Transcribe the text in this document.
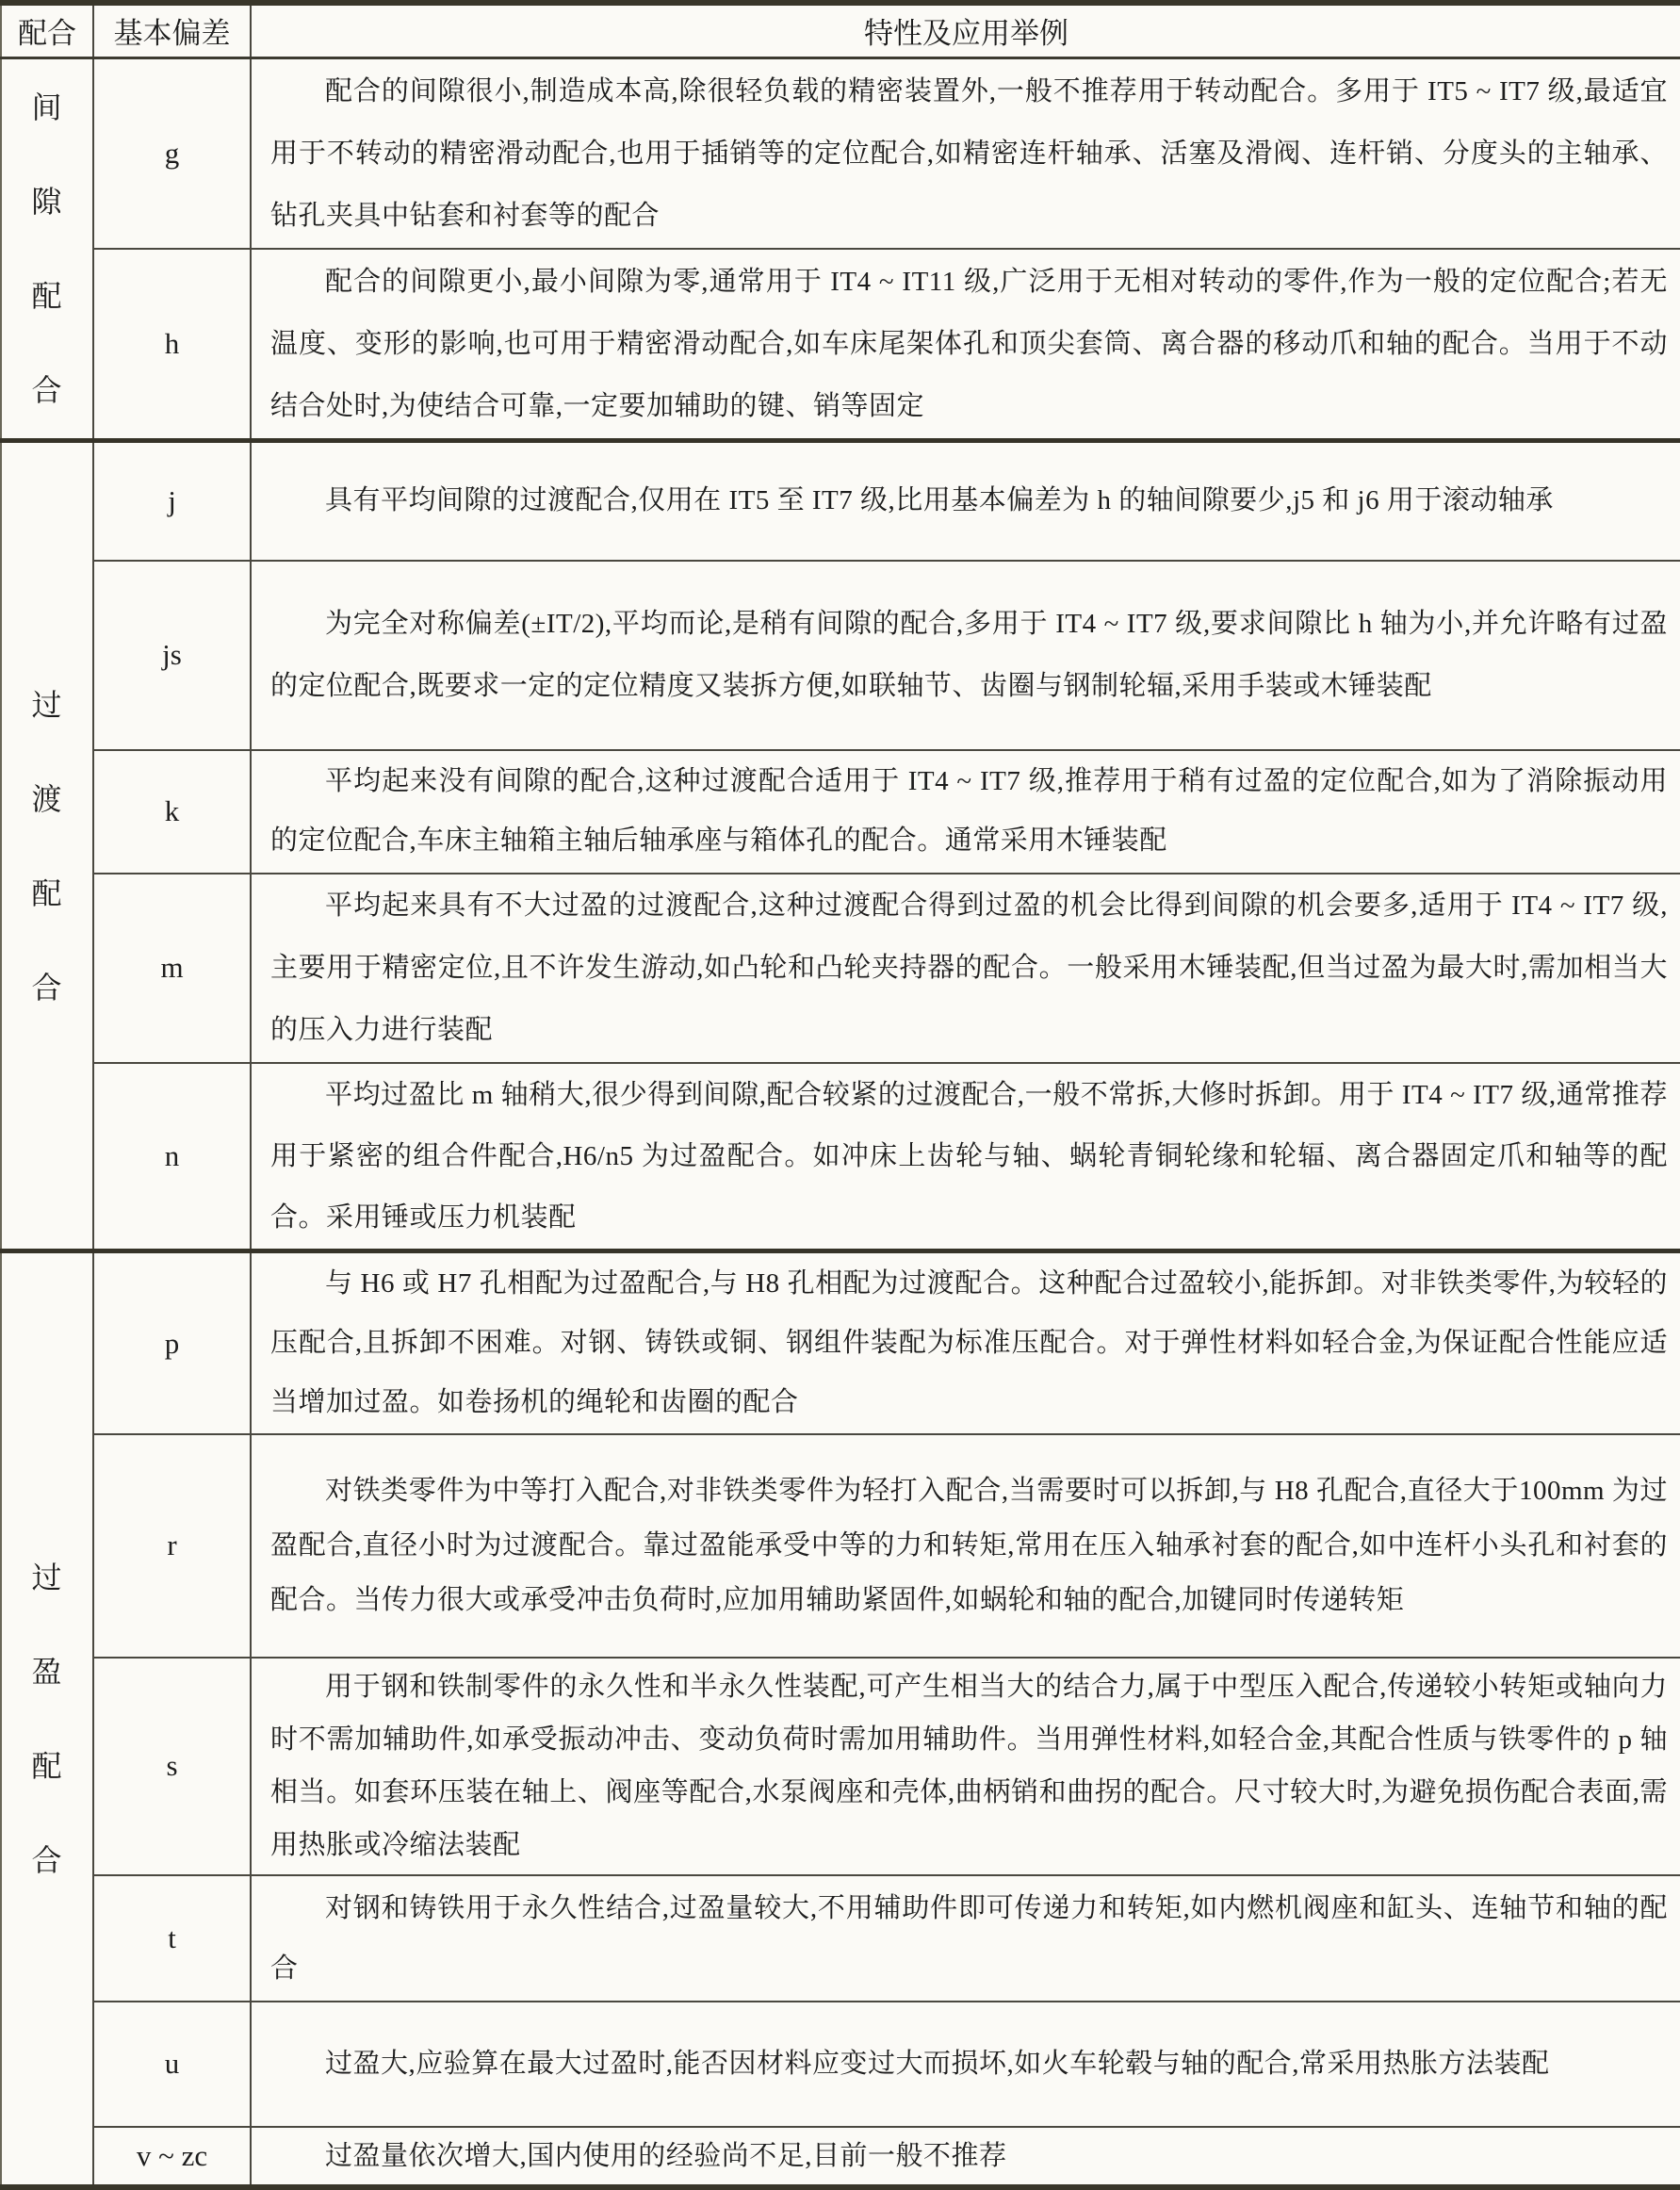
配合	基本偏差	特性及应用举例

间
隙
配
合	g	配合的间隙很小,制造成本高,除很轻负载的精密装置外,一般不推荐用于转动配合。多用于 IT5 ~ IT7 级,最适宜用于不转动的精密滑动配合,也用于插销等的定位配合,如精密连杆轴承、活塞及滑阀、连杆销、分度头的主轴承、钻孔夹具中钻套和衬套等的配合

	h	配合的间隙更小,最小间隙为零,通常用于 IT4 ~ IT11 级,广泛用于无相对转动的零件,作为一般的定位配合;若无温度、变形的影响,也可用于精密滑动配合,如车床尾架体孔和顶尖套筒、离合器的移动爪和轴的配合。当用于不动结合处时,为使结合可靠,一定要加辅助的键、销等固定

过
渡
配
合	j	具有平均间隙的过渡配合,仅用在 IT5 至 IT7 级,比用基本偏差为 h 的轴间隙要少,j5 和 j6 用于滚动轴承

	js	为完全对称偏差(±IT/2),平均而论,是稍有间隙的配合,多用于 IT4 ~ IT7 级,要求间隙比 h 轴为小,并允许略有过盈的定位配合,既要求一定的定位精度又装拆方便,如联轴节、齿圈与钢制轮辐,采用手装或木锤装配

	k	平均起来没有间隙的配合,这种过渡配合适用于 IT4 ~ IT7 级,推荐用于稍有过盈的定位配合,如为了消除振动用的定位配合,车床主轴箱主轴后轴承座与箱体孔的配合。通常采用木锤装配

	m	平均起来具有不大过盈的过渡配合,这种过渡配合得到过盈的机会比得到间隙的机会要多,适用于 IT4 ~ IT7 级,主要用于精密定位,且不许发生游动,如凸轮和凸轮夹持器的配合。一般采用木锤装配,但当过盈为最大时,需加相当大的压入力进行装配

	n	平均过盈比 m 轴稍大,很少得到间隙,配合较紧的过渡配合,一般不常拆,大修时拆卸。用于 IT4 ~ IT7 级,通常推荐用于紧密的组合件配合,H6/n5 为过盈配合。如冲床上齿轮与轴、蜗轮青铜轮缘和轮辐、离合器固定爪和轴等的配合。采用锤或压力机装配

过
盈
配
合	p	与 H6 或 H7 孔相配为过盈配合,与 H8 孔相配为过渡配合。这种配合过盈较小,能拆卸。对非铁类零件,为较轻的压配合,且拆卸不困难。对钢、铸铁或铜、钢组件装配为标准压配合。对于弹性材料如轻合金,为保证配合性能应适当增加过盈。如卷扬机的绳轮和齿圈的配合

	r	对铁类零件为中等打入配合,对非铁类零件为轻打入配合,当需要时可以拆卸,与 H8 孔配合,直径大于100mm 为过盈配合,直径小时为过渡配合。靠过盈能承受中等的力和转矩,常用在压入轴承衬套的配合,如中连杆小头孔和衬套的配合。当传力很大或承受冲击负荷时,应加用辅助紧固件,如蜗轮和轴的配合,加键同时传递转矩

	s	用于钢和铁制零件的永久性和半永久性装配,可产生相当大的结合力,属于中型压入配合,传递较小转矩或轴向力时不需加辅助件,如承受振动冲击、变动负荷时需加用辅助件。当用弹性材料,如轻合金,其配合性质与铁零件的 p 轴相当。如套环压装在轴上、阀座等配合,水泵阀座和壳体,曲柄销和曲拐的配合。尺寸较大时,为避免损伤配合表面,需用热胀或冷缩法装配

	t	对钢和铸铁用于永久性结合,过盈量较大,不用辅助件即可传递力和转矩,如内燃机阀座和缸头、连轴节和轴的配合

	u	过盈大,应验算在最大过盈时,能否因材料应变过大而损坏,如火车轮毂与轴的配合,常采用热胀方法装配

	v ~ zc	过盈量依次增大,国内使用的经验尚不足,目前一般不推荐
